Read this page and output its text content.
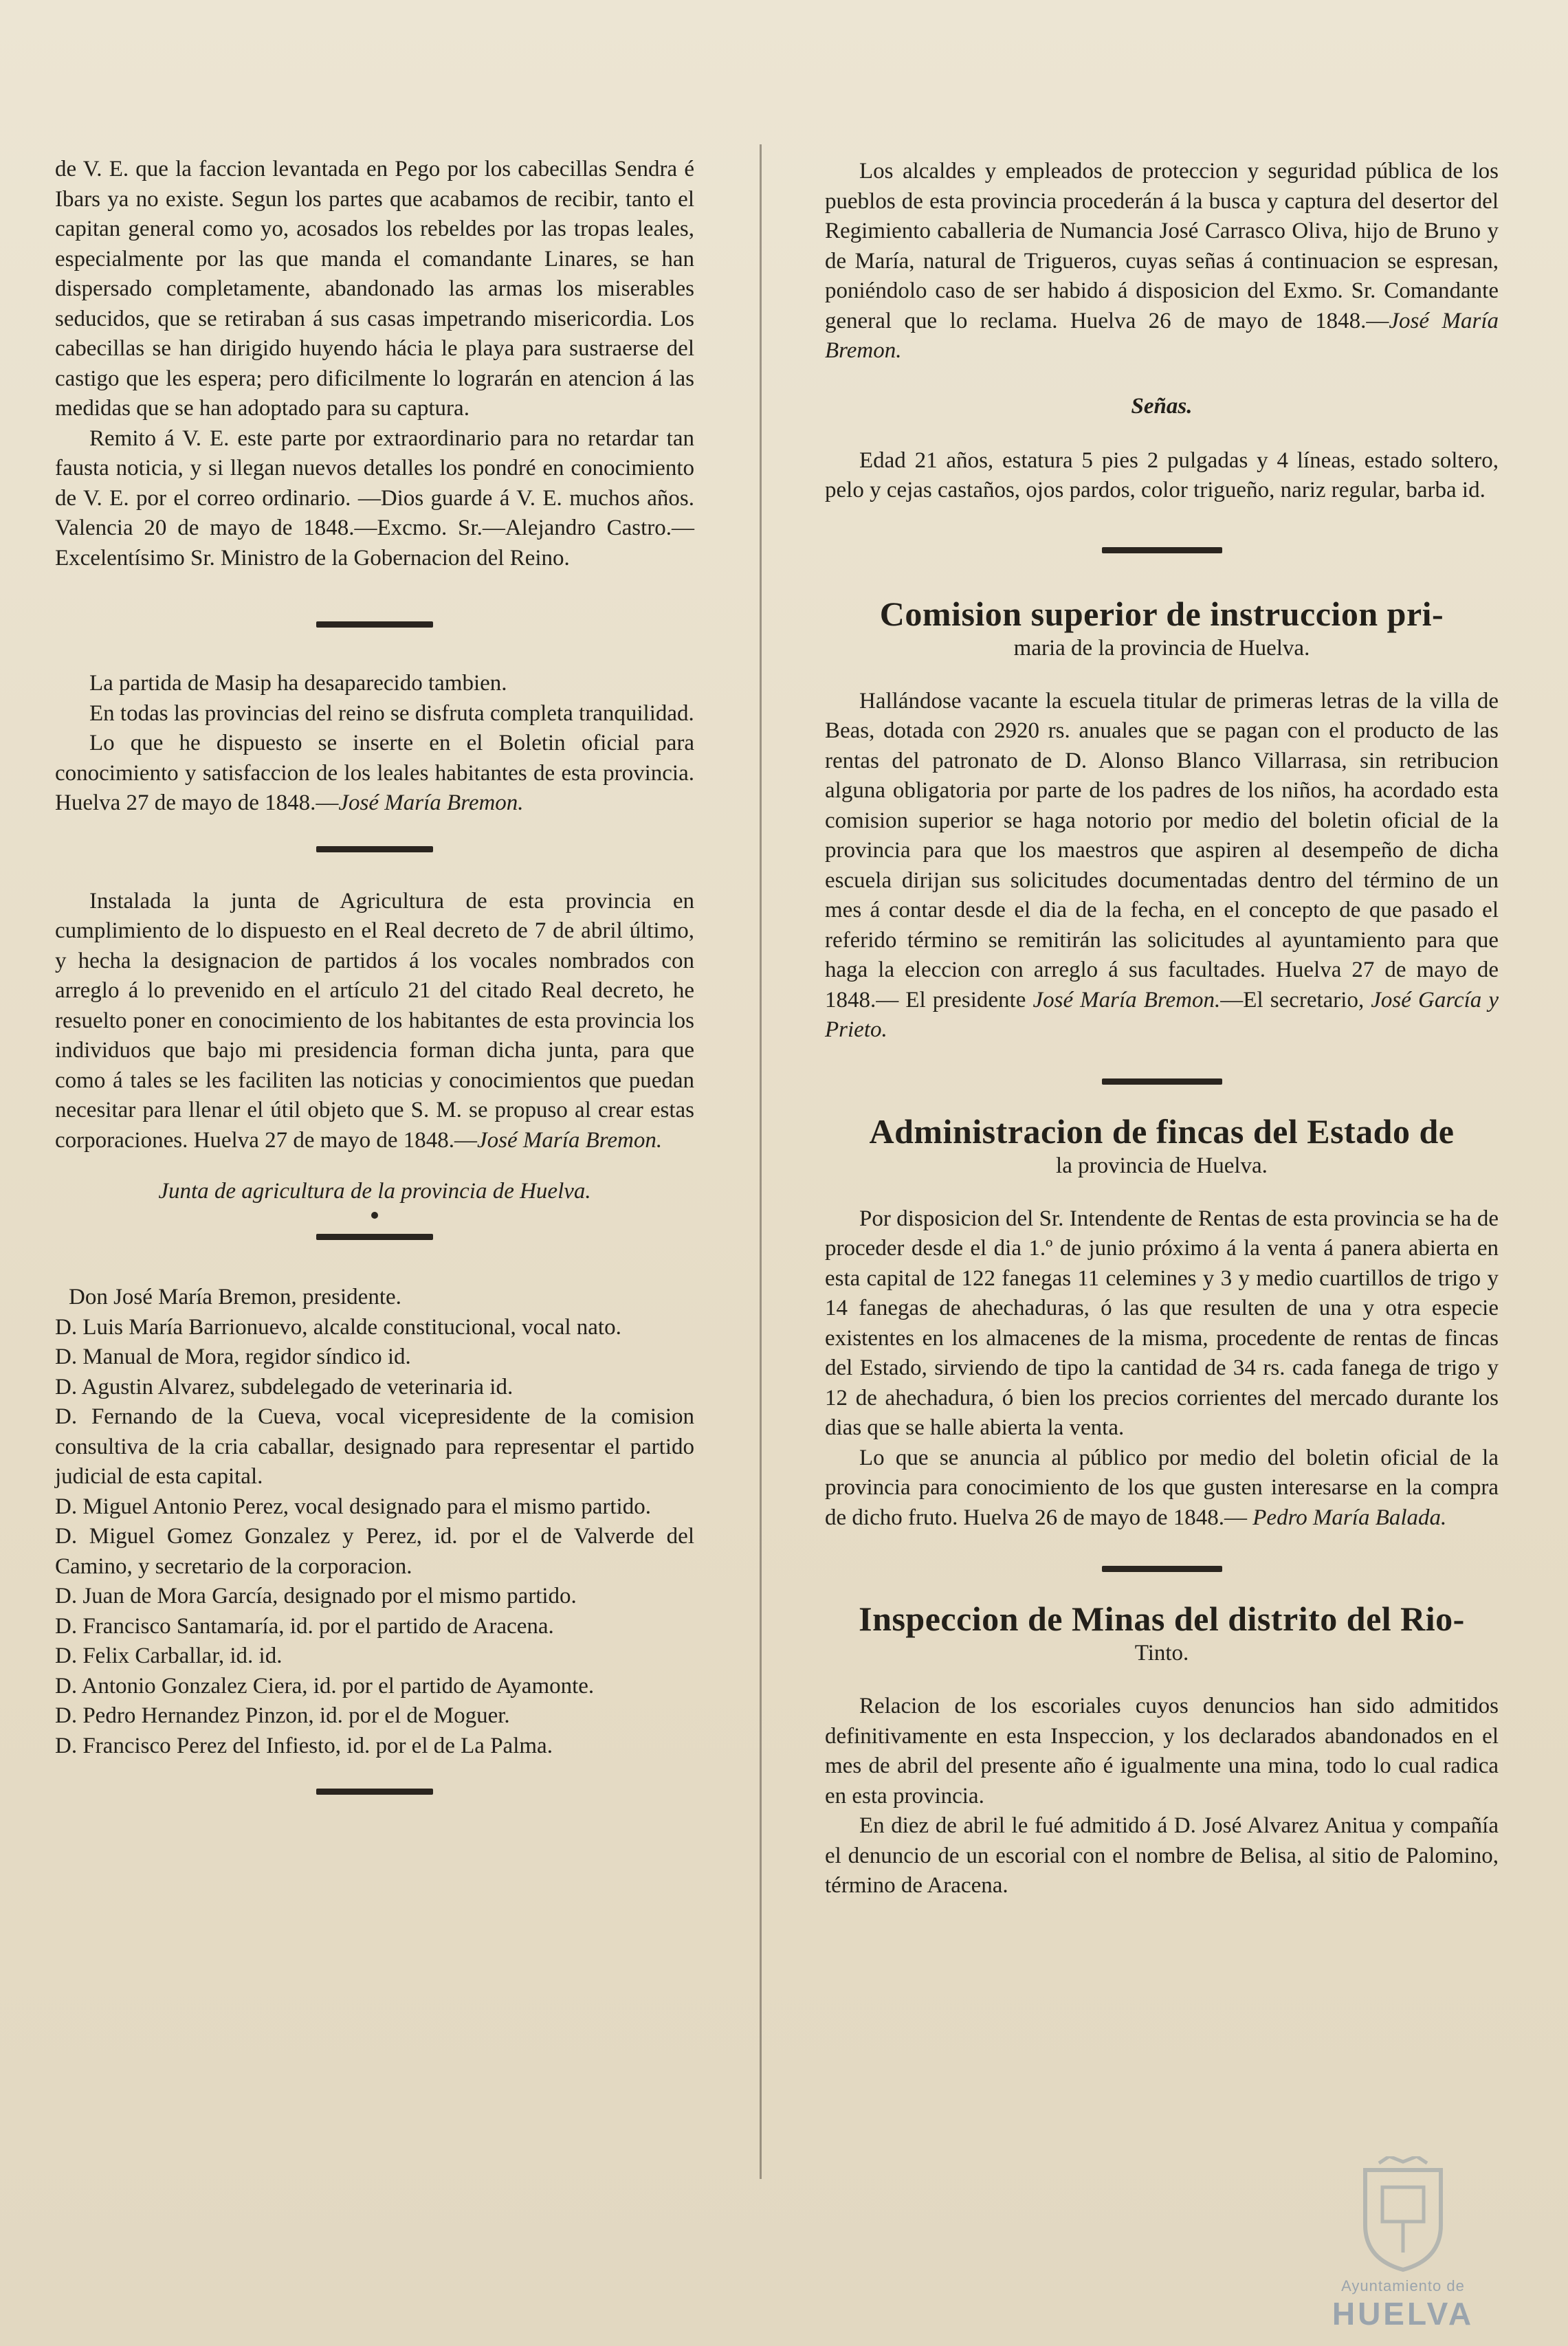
de V. E. que la faccion levantada en Pego por los cabecillas Sendra é Ibars ya no existe. Segun los partes que acabamos de recibir, tanto el capitan general como yo, acosados los rebeldes por las tropas leales, especialmente por las que manda el comandante Linares, se han dispersado completamente, abandonado las armas los miserables seducidos, que se retiraban á sus casas impetrando misericordia. Los cabecillas se han dirigido huyendo hácia le playa para sustraerse del castigo que les espera; pero dificilmente lo lograrán en atencion á las medidas que se han adoptado para su captura.

Remito á V. E. este parte por extraordinario para no retardar tan fausta noticia, y si llegan nuevos detalles los pondré en conocimiento de V. E. por el correo ordinario. —Dios guarde á V. E. muchos años. Valencia 20 de mayo de 1848.—Excmo. Sr.—Alejandro Castro.—Excelentísimo Sr. Ministro de la Gobernacion del Reino.

La partida de Masip ha desaparecido tambien.

En todas las provincias del reino se disfruta completa tranquilidad.

Lo que he dispuesto se inserte en el Boletin oficial para conocimiento y satisfaccion de los leales habitantes de esta provincia. Huelva 27 de mayo de 1848.—José María Bremon.

Instalada la junta de Agricultura de esta provincia en cumplimiento de lo dispuesto en el Real decreto de 7 de abril último, y hecha la designacion de partidos á los vocales nombrados con arreglo á lo prevenido en el artículo 21 del citado Real decreto, he resuelto poner en conocimiento de los habitantes de esta provincia los individuos que bajo mi presidencia forman dicha junta, para que como á tales se les faciliten las noticias y conocimientos que puedan necesitar para llenar el útil objeto que S. M. se propuso al crear estas corporaciones. Huelva 27 de mayo de 1848.—José María Bremon.

Junta de agricultura de la provincia de Huelva.

Don José María Bremon, presidente.

D. Luis María Barrionuevo, alcalde constitucional, vocal nato.

D. Manual de Mora, regidor síndico id.

D. Agustin Alvarez, subdelegado de veterinaria id.

D. Fernando de la Cueva, vocal vicepresidente de la comision consultiva de la cria caballar, designado para representar el partido judicial de esta capital.

D. Miguel Antonio Perez, vocal designado para el mismo partido.

D. Miguel Gomez Gonzalez y Perez, id. por el de Valverde del Camino, y secretario de la corporacion.

D. Juan de Mora García, designado por el mismo partido.

D. Francisco Santamaría, id. por el partido de Aracena.

D. Felix Carballar, id. id.

D. Antonio Gonzalez Ciera, id. por el partido de Ayamonte.

D. Pedro Hernandez Pinzon, id. por el de Moguer.

D. Francisco Perez del Infiesto, id. por el de La Palma.

Los alcaldes y empleados de proteccion y seguridad pública de los pueblos de esta provincia procederán á la busca y captura del desertor del Regimiento caballeria de Numancia José Carrasco Oliva, hijo de Bruno y de María, natural de Trigueros, cuyas señas á continuacion se espresan, poniéndolo caso de ser habido á disposicion del Exmo. Sr. Comandante general que lo reclama. Huelva 26 de mayo de 1848.—José María Bremon.

Señas.

Edad 21 años, estatura 5 pies 2 pulgadas y 4 líneas, estado soltero, pelo y cejas castaños, ojos pardos, color trigueño, nariz regular, barba id.

Comision superior de instruccion pri-

maria de la provincia de Huelva.

Hallándose vacante la escuela titular de primeras letras de la villa de Beas, dotada con 2920 rs. anuales que se pagan con el producto de las rentas del patronato de D. Alonso Blanco Villarrasa, sin retribucion alguna obligatoria por parte de los padres de los niños, ha acordado esta comision superior se haga notorio por medio del boletin oficial de la provincia para que los maestros que aspiren al desempeño de dicha escuela dirijan sus solicitudes documentadas dentro del término de un mes á contar desde el dia de la fecha, en el concepto de que pasado el referido término se remitirán las solicitudes al ayuntamiento para que haga la eleccion con arreglo á sus facultades. Huelva 27 de mayo de 1848.— El presidente José María Bremon.—El secretario, José García y Prieto.

Administracion de fincas del Estado de

la provincia de Huelva.

Por disposicion del Sr. Intendente de Rentas de esta provincia se ha de proceder desde el dia 1.º de junio próximo á la venta á panera abierta en esta capital de 122 fanegas 11 celemines y 3 y medio cuartillos de trigo y 14 fanegas de ahechaduras, ó las que resulten de una y otra especie existentes en los almacenes de la misma, procedente de rentas de fincas del Estado, sirviendo de tipo la cantidad de 34 rs. cada fanega de trigo y 12 de ahechadura, ó bien los precios corrientes del mercado durante los dias que se halle abierta la venta.

Lo que se anuncia al público por medio del boletin oficial de la provincia para conocimiento de los que gusten interesarse en la compra de dicho fruto. Huelva 26 de mayo de 1848.— Pedro María Balada.

Inspeccion de Minas del distrito del Rio-

Tinto.

Relacion de los escoriales cuyos denuncios han sido admitidos definitivamente en esta Inspeccion, y los declarados abandonados en el mes de abril del presente año é igualmente una mina, todo lo cual radica en esta provincia.

En diez de abril le fué admitido á D. José Alvarez Anitua y compañía el denuncio de un escorial con el nombre de Belisa, al sitio de Palomino, término de Aracena.

Ayuntamiento de
HUELVA
